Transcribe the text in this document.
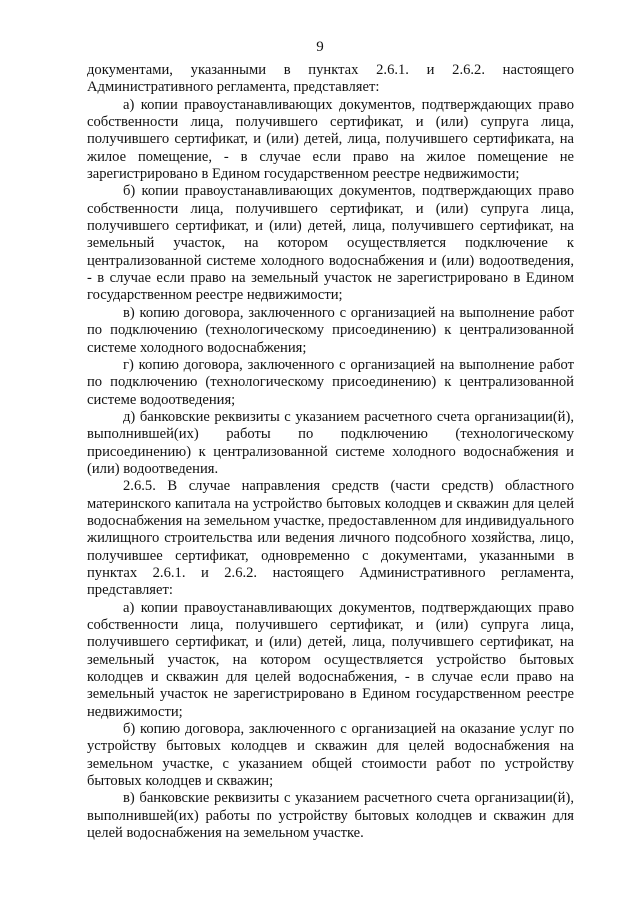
9

документами, указанными в пунктах 2.6.1. и 2.6.2. настоящего Административного регламента, представляет:

а) копии правоустанавливающих документов, подтверждающих право собственности лица, получившего сертификат, и (или) супруга лица, получившего сертификат, и (или) детей, лица, получившего сертификата, на жилое помещение, - в случае если право на жилое помещение не зарегистрировано в Едином государственном реестре недвижимости;

б) копии правоустанавливающих документов, подтверждающих право собственности лица, получившего сертификат, и (или) супруга лица, получившего сертификат, и (или) детей, лица, получившего сертификат, на земельный участок, на котором осуществляется подключение к централизованной системе холодного водоснабжения и (или) водоотведения, - в случае если право на земельный участок не зарегистрировано в Едином государственном реестре недвижимости;

в) копию договора, заключенного с организацией на выполнение работ по подключению (технологическому присоединению) к централизованной системе холодного водоснабжения;

г) копию договора, заключенного с организацией на выполнение работ по подключению (технологическому присоединению) к централизованной системе водоотведения;

д) банковские реквизиты с указанием расчетного счета организации(й), выполнившей(их) работы по подключению (технологическому присоединению) к централизованной системе холодного водоснабжения и (или) водоотведения.

2.6.5. В случае направления средств (части средств) областного материнского капитала на устройство бытовых колодцев и скважин для целей водоснабжения на земельном участке, предоставленном для индивидуального жилищного строительства или ведения личного подсобного хозяйства, лицо, получившее сертификат, одновременно с документами, указанными в пунктах 2.6.1. и 2.6.2. настоящего Административного регламента, представляет:

а) копии правоустанавливающих документов, подтверждающих право собственности лица, получившего сертификат, и (или) супруга лица, получившего сертификат, и (или) детей, лица, получившего сертификат, на земельный участок, на котором осуществляется устройство бытовых колодцев и скважин для целей водоснабжения, - в случае если право на земельный участок не зарегистрировано в Едином государственном реестре недвижимости;

б) копию договора, заключенного с организацией на оказание услуг по устройству бытовых колодцев и скважин для целей водоснабжения на земельном участке, с указанием общей стоимости работ по устройству бытовых колодцев и скважин;

в) банковские реквизиты с указанием расчетного счета организации(й), выполнившей(их) работы по устройству бытовых колодцев и скважин для целей водоснабжения на земельном участке.
